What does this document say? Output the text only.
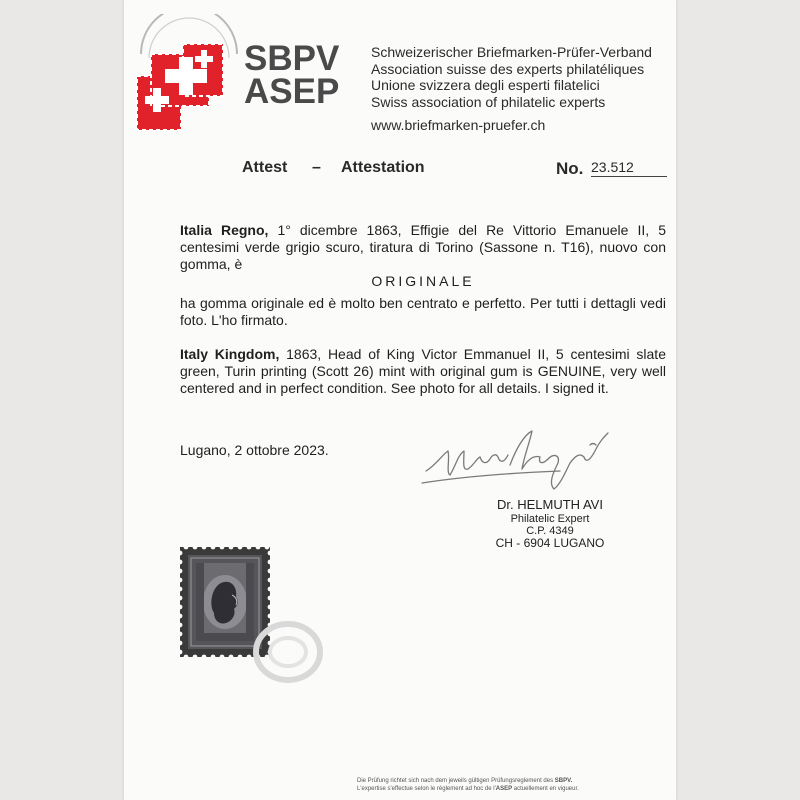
SBPV
ASEP
Schweizerischer Briefmarken-Prüfer-Verband
Association suisse des experts philatéliques
Unione svizzera degli esperti filatelici
Swiss association of philatelic experts
www.briefmarken-pruefer.ch
Attest – Attestation	No. 23.512
Italia Regno, 1° dicembre 1863, Effigie del Re Vittorio Emanuele II, 5 centesimi verde grigio scuro, tiratura di Torino (Sassone n. T16), nuovo con gomma, è
ORIGINALE
ha gomma originale ed è molto ben centrato e perfetto. Per tutti i dettagli vedi foto. L'ho firmato.
Italy Kingdom, 1863, Head of King Victor Emmanuel II, 5 centesimi slate green, Turin printing (Scott 26) mint with original gum is GENUINE, very well centered and in perfect condition. See photo for all details. I signed it.
Lugano, 2 ottobre 2023.
Dr. HELMUTH AVI
Philatelic Expert
C.P. 4349
CH - 6904 LUGANO
Die Prüfung richtet sich nach dem jeweils gültigen Prüfungsreglement des SBPV.
L'expertise s'effectue selon le règlement ad hoc de l'ASEP actuellement en vigueur.
